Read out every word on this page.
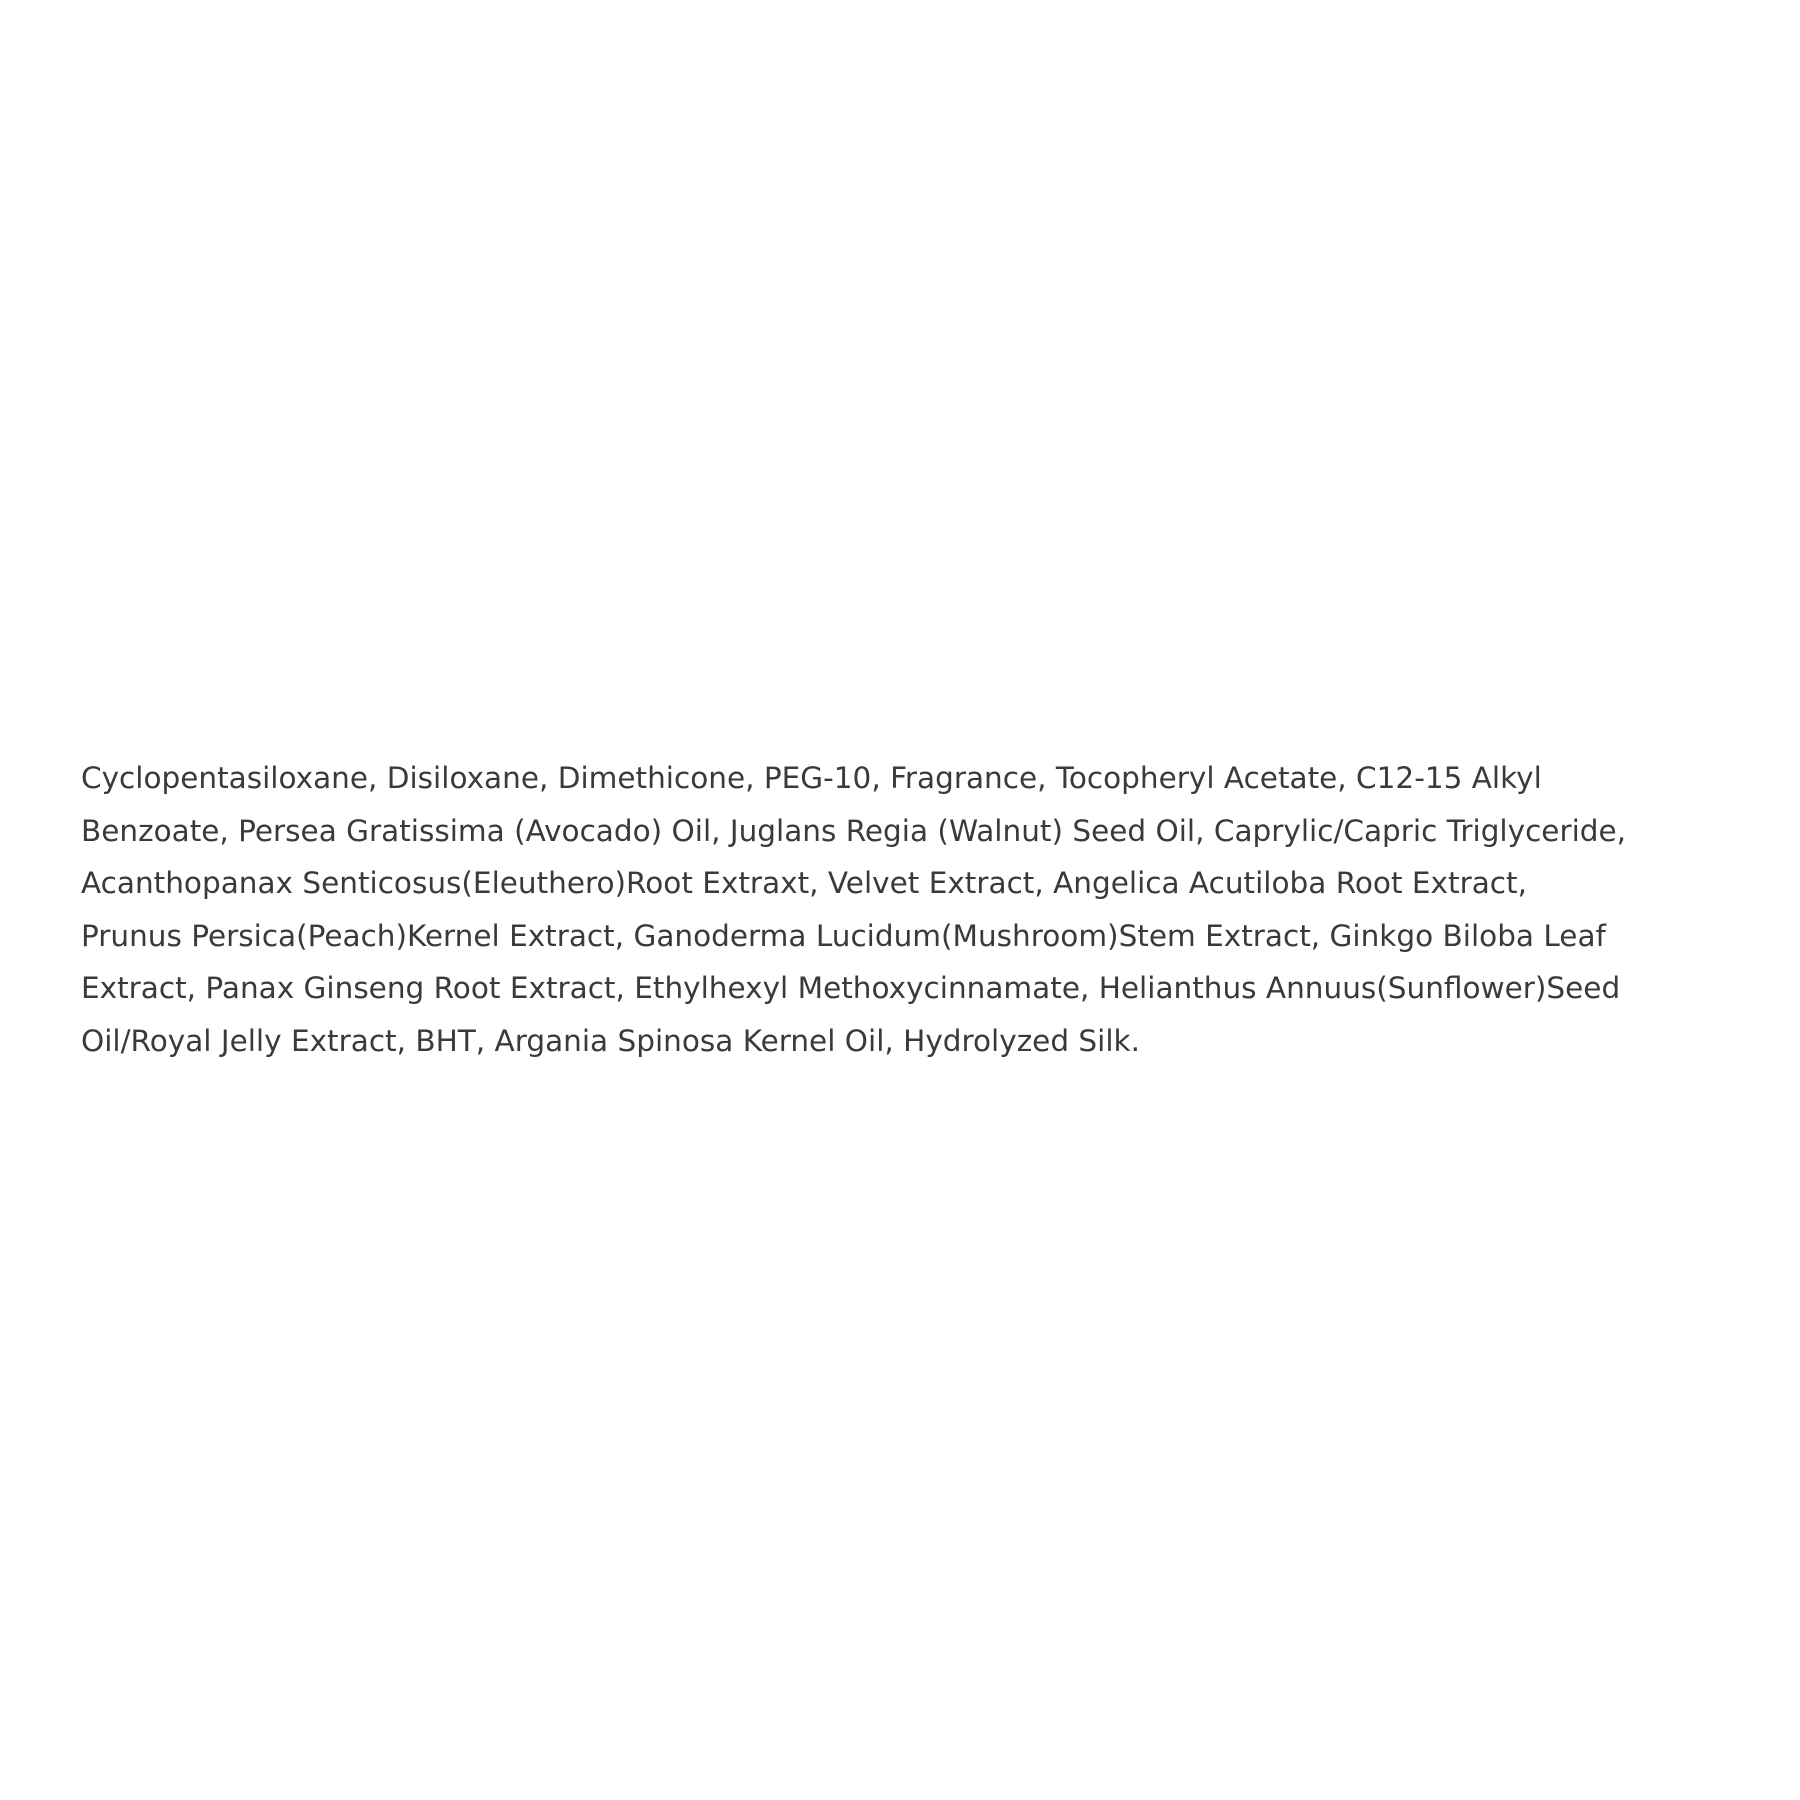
Cyclopentasiloxane, Disiloxane, Dimethicone, PEG-10, Fragrance, Tocopheryl Acetate, C12-15 Alkyl
Benzoate, Persea Gratissima (Avocado) Oil, Juglans Regia (Walnut) Seed Oil, Caprylic/Capric Triglyceride,
Acanthopanax Senticosus(Eleuthero)Root Extraxt, Velvet Extract, Angelica Acutiloba Root Extract,
Prunus Persica(Peach)Kernel Extract, Ganoderma Lucidum(Mushroom)Stem Extract, Ginkgo Biloba Leaf
Extract, Panax Ginseng Root Extract, Ethylhexyl Methoxycinnamate, Helianthus Annuus(Sunflower)Seed
Oil/Royal Jelly Extract, BHT, Argania Spinosa Kernel Oil, Hydrolyzed Silk.
